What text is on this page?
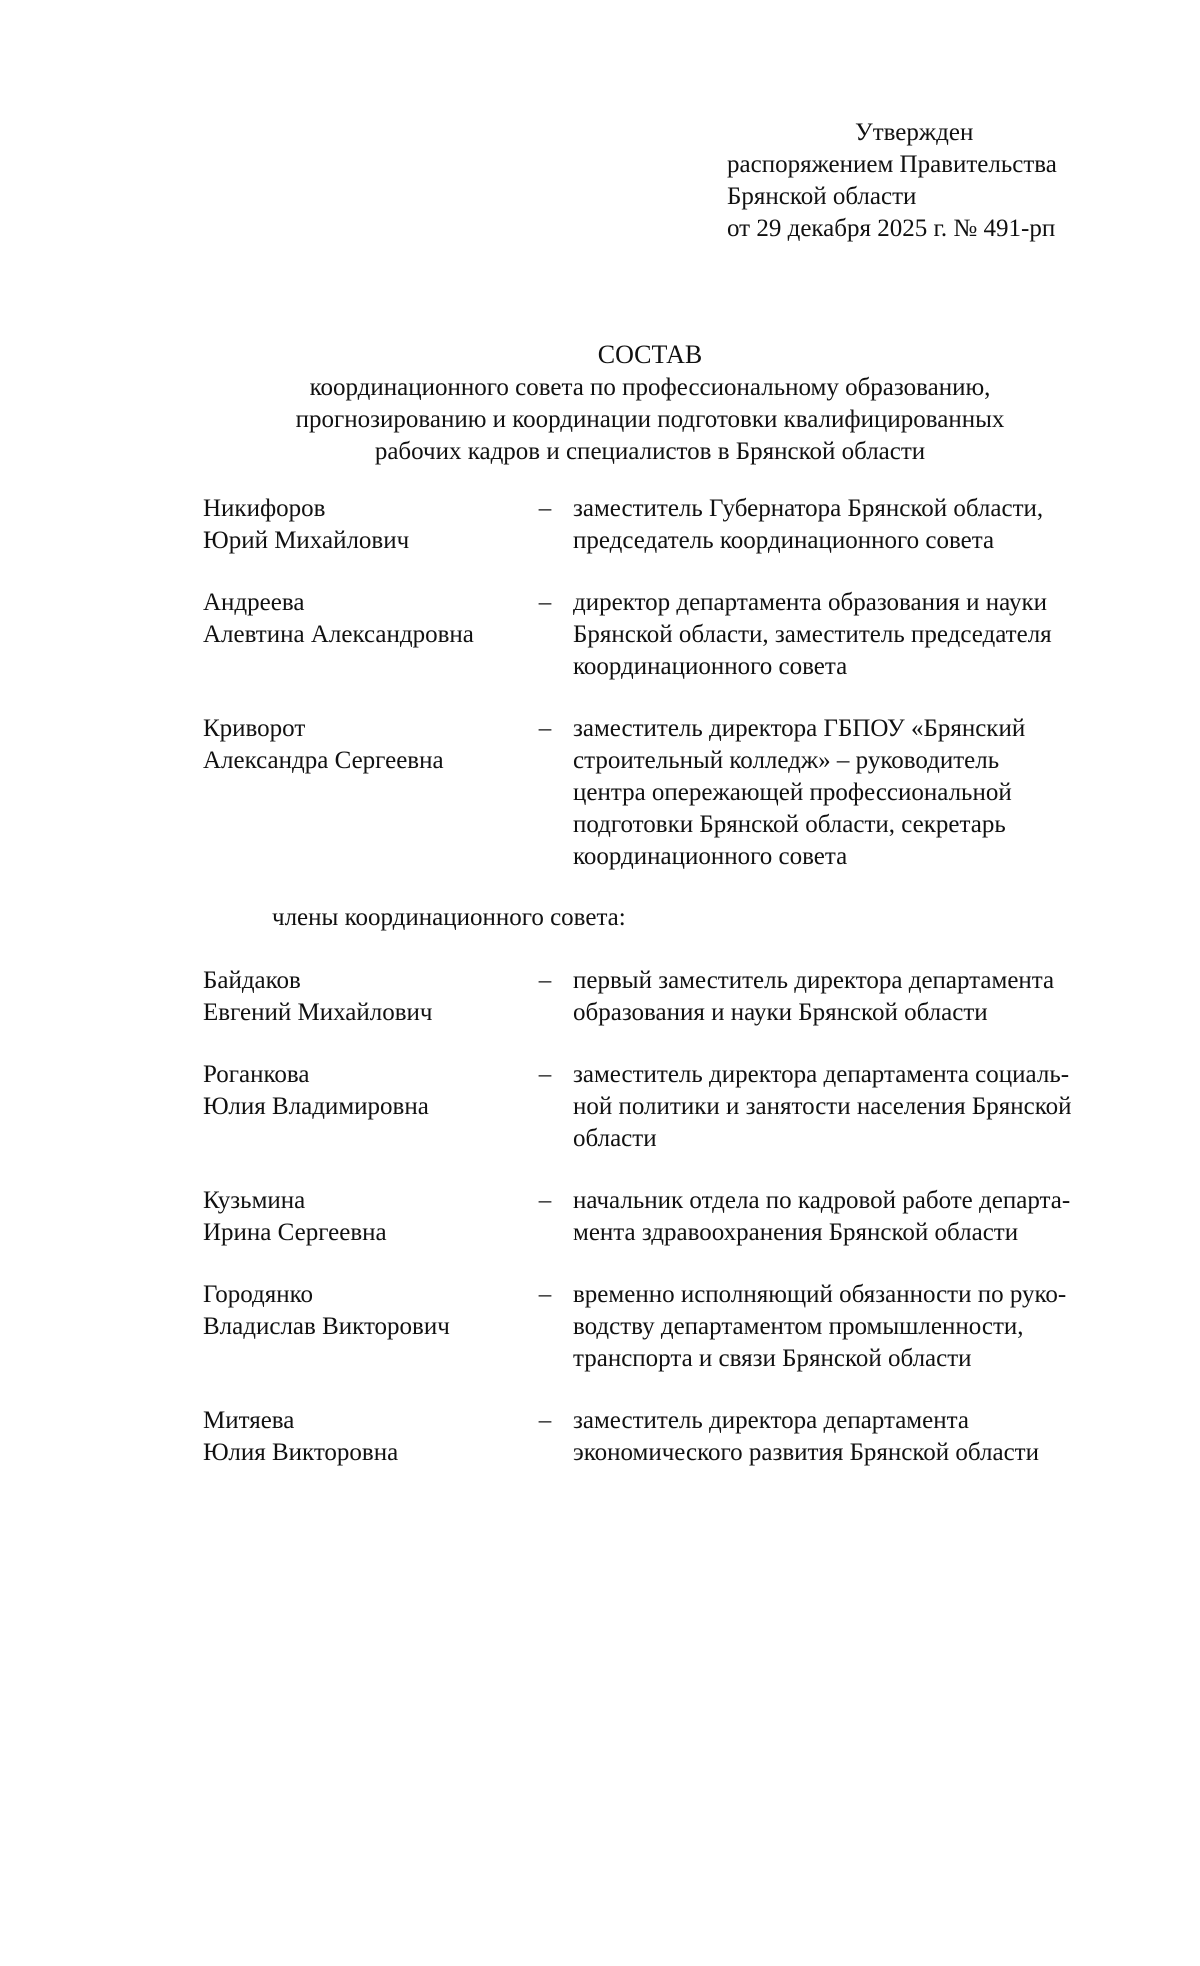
Утвержден
распоряжением Правительства
Брянской области
от 29 декабря 2025 г. № 491-рп
СОСТАВ
координационного совета по профессиональному образованию,
прогнозированию и координации подготовки квалифицированных
рабочих кадров и специалистов в Брянской области
Никифоров
Юрий Михайлович
– заместитель Губернатора Брянской области,
председатель координационного совета
Андреева
Алевтина Александровна
– директор департамента образования и науки
Брянской области, заместитель председателя
координационного совета
Криворот
Александра Сергеевна
– заместитель директора ГБПОУ «Брянский
строительный колледж» – руководитель
центра опережающей профессиональной
подготовки Брянской области, секретарь
координационного совета
члены координационного совета:
Байдаков
Евгений Михайлович
– первый заместитель директора департамента
образования и науки Брянской области
Роганкова
Юлия Владимировна
– заместитель директора департамента социаль-
ной политики и занятости населения Брянской
области
Кузьмина
Ирина Сергеевна
– начальник отдела по кадровой работе департа-
мента здравоохранения Брянской области
Городянко
Владислав Викторович
– временно исполняющий обязанности по руко-
водству департаментом промышленности,
транспорта и связи Брянской области
Митяева
Юлия Викторовна
– заместитель директора департамента
экономического развития Брянской области
